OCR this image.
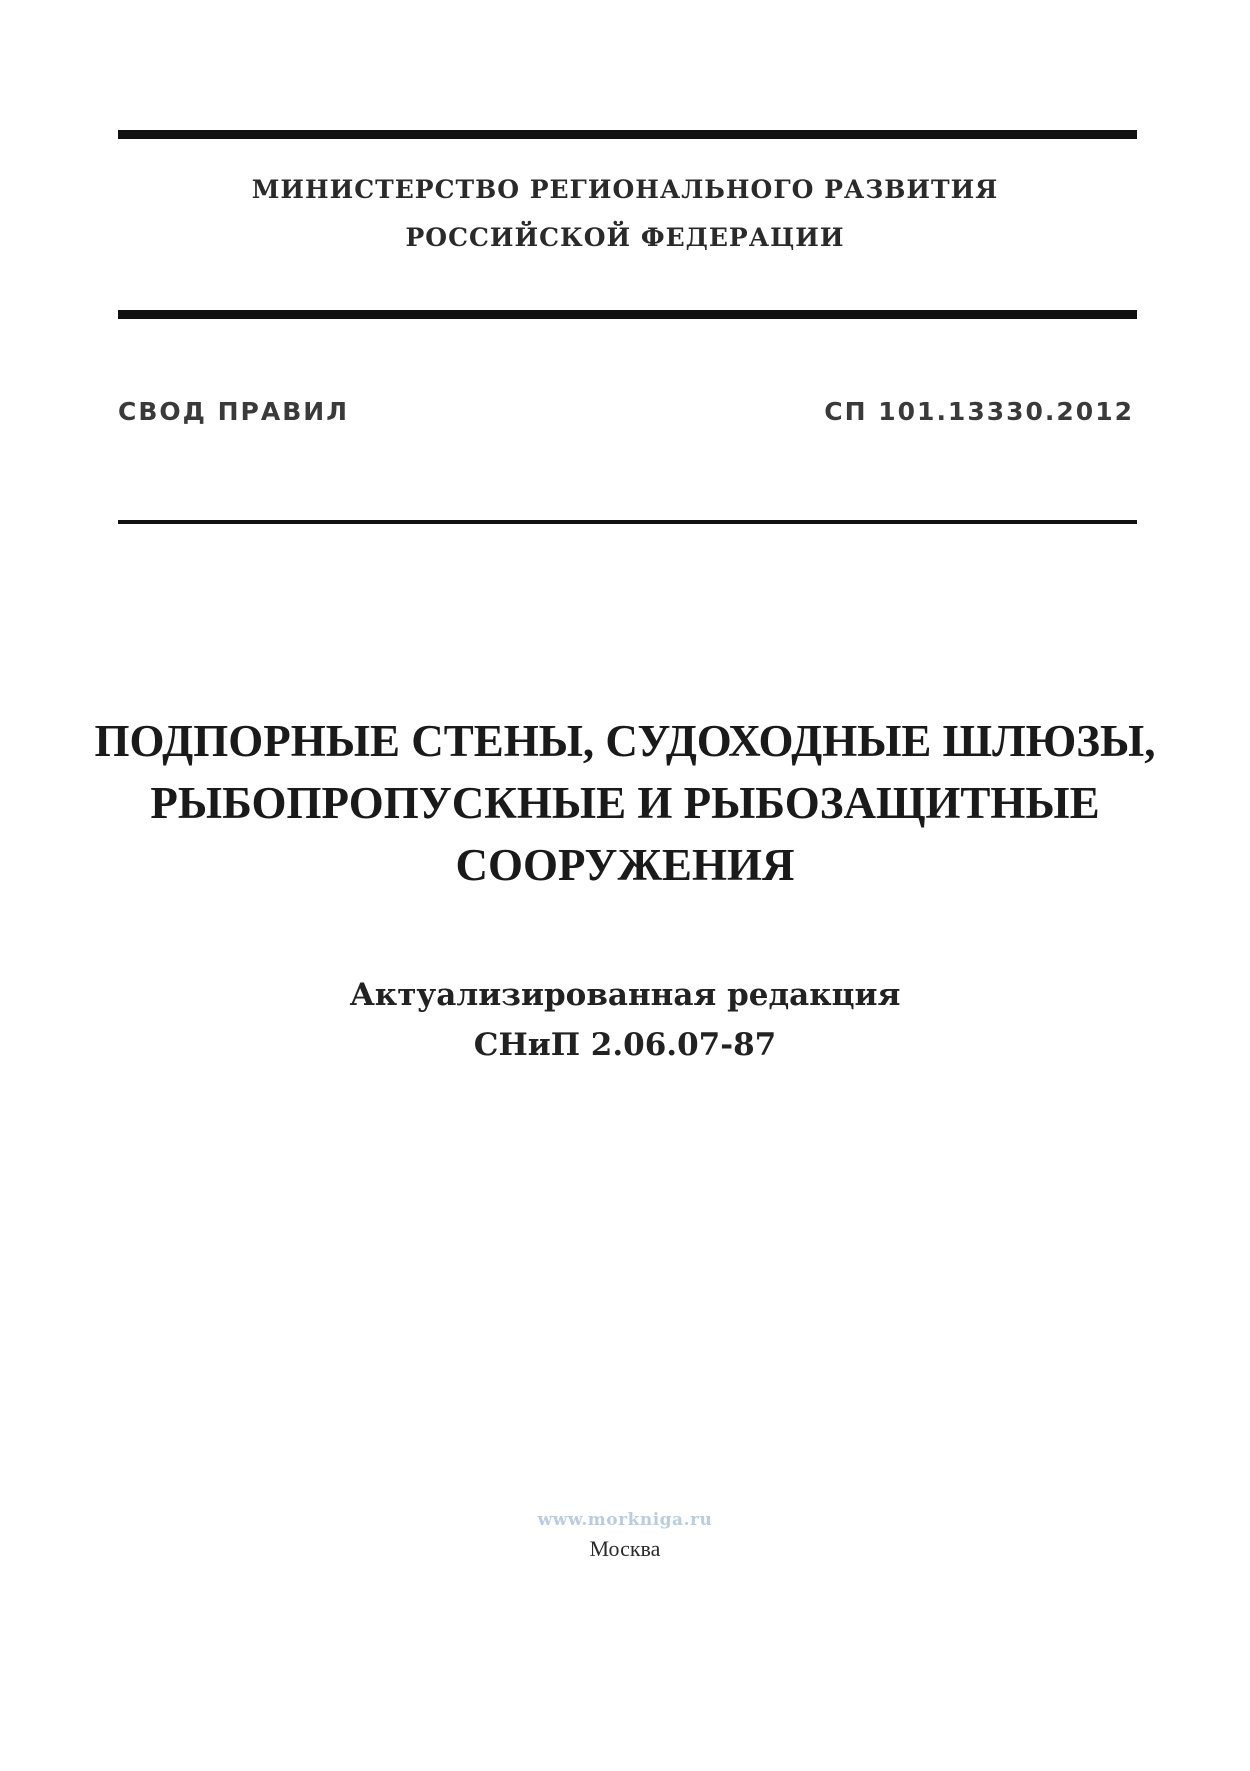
МИНИСТЕРСТВО РЕГИОНАЛЬНОГО РАЗВИТИЯ
РОССИЙСКОЙ ФЕДЕРАЦИИ
СВОД ПРАВИЛ	СП 101.13330.2012
ПОДПОРНЫЕ СТЕНЫ, СУДОХОДНЫЕ ШЛЮЗЫ,
РЫБОПРОПУСКНЫЕ И РЫБОЗАЩИТНЫЕ
СООРУЖЕНИЯ
Актуализированная редакция
СНиП 2.06.07-87
www.morkniga.ru
Москва
